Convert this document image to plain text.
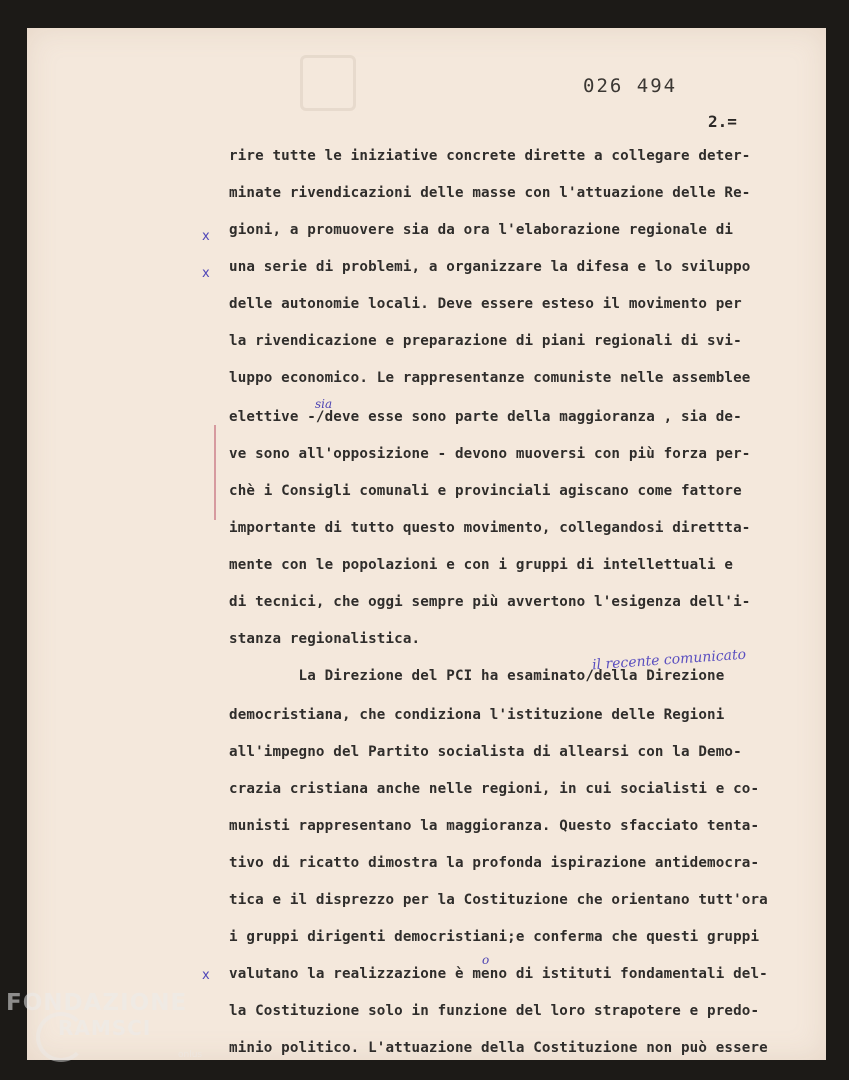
026 494
2.=
rire tutte le iniziative concrete dirette a collegare deter-
minate rivendicazioni delle masse con l'attuazione delle Re-
gioni, a promuovere sia da ora l'elaborazione regionale di
una serie di problemi, a organizzare la difesa e lo sviluppo
delle autonomie locali. Deve essere esteso il movimento per
la rivendicazione e preparazione di piani regionali di svi-
luppo economico. Le rappresentanze comuniste nelle assemblee
elettive -/deve esse sono parte della maggioranza , sia de-
ve sono all'opposizione - devono muoversi con più forza per-
chè i Consigli comunali e provinciali agiscano come fattore
importante di tutto questo movimento, collegandosi direttta-
mente con le popolazioni e con i gruppi di intellettuali e
di tecnici, che oggi sempre più avvertono l'esigenza dell'i-
stanza regionalistica.
La Direzione del PCI ha esaminato/della Direzione
democristiana, che condiziona l'istituzione delle Regioni
all'impegno del Partito socialista di allearsi con la Demo-
crazia cristiana anche nelle regioni, in cui socialisti e co-
munisti rappresentano la maggioranza. Questo sfacciato tenta-
tivo di ricatto dimostra la profonda ispirazione antidemocra-
tica e il disprezzo per la Costituzione che orientano tutt'ora
i gruppi dirigenti democristiani;e conferma che questi gruppi
valutano la realizzazione è meno di istituti fondamentali del-
la Costituzione solo in funzione del loro strapotere e predo-
minio politico. L'attuazione della Costituzione non può essere
sia
il recente comunicato
o
x
x
x
FONDAZIONE
RAMSCI
onlus
